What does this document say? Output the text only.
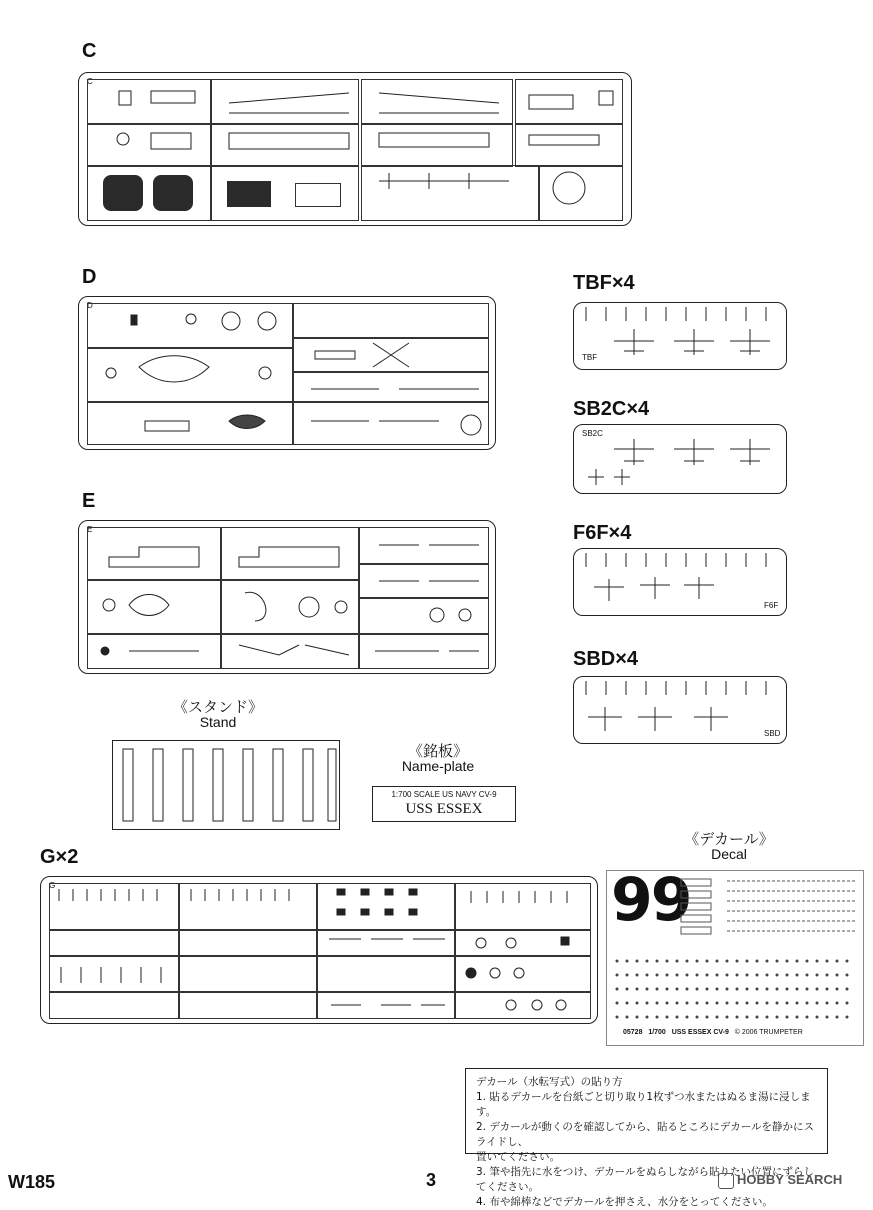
C
C
D
D
E
E
TBF×4
TBF
SB2C×4
SB2C
F6F×4
F6F
SBD×4
SBD
《スタンド》
Stand
《銘板》
Name-plate
1:700 SCALE US NAVY CV-9
USS ESSEX
G×2
G
《デカール》
Decal
99
05728 1/700 USS ESSEX CV-9 © 2006 TRUMPETER
デカール（水転写式）の貼り方
1. 貼るデカールを台紙ごと切り取り1枚ずつ水またはぬるま湯に浸します。
2. デカールが動くのを確認してから、貼るところにデカールを静かにスライドし、
置いてください。
3. 筆や指先に水をつけ、デカールをぬらしながら貼りたい位置にずらしてください。
4. 布や綿棒などでデカールを押さえ、水分をとってください。
W185	3	HOBBY SEARCH
